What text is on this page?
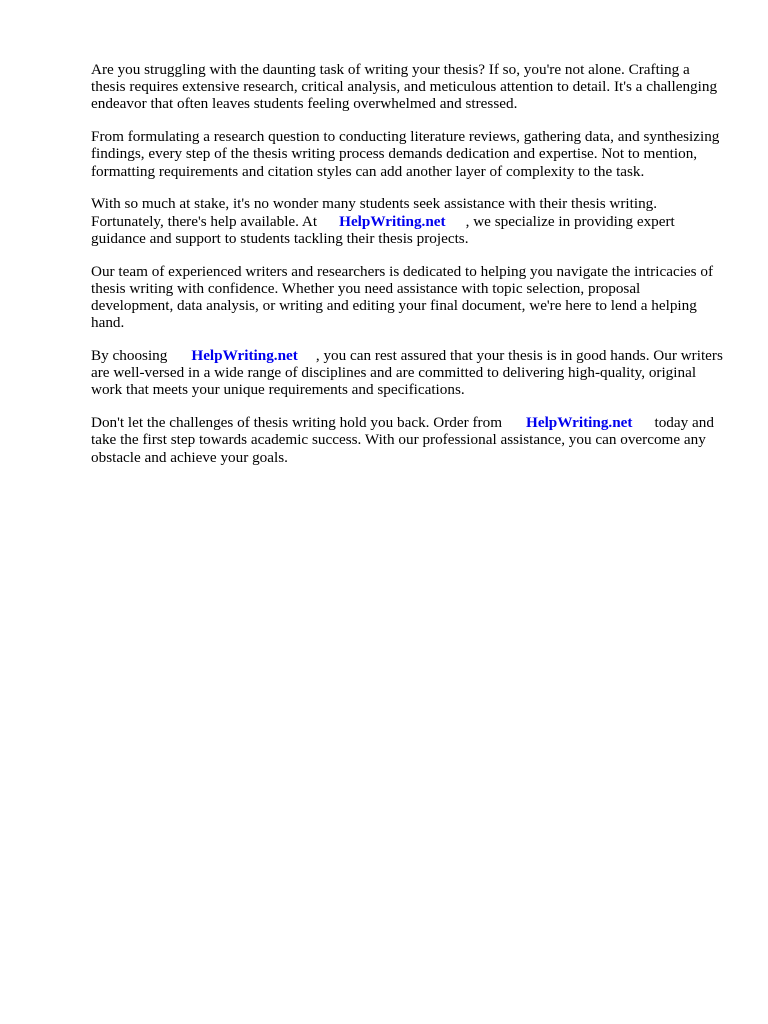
Are you struggling with the daunting task of writing your thesis? If so, you're not alone. Crafting a thesis requires extensive research, critical analysis, and meticulous attention to detail. It's a challenging endeavor that often leaves students feeling overwhelmed and stressed.

From formulating a research question to conducting literature reviews, gathering data, and synthesizing findings, every step of the thesis writing process demands dedication and expertise. Not to mention, formatting requirements and citation styles can add another layer of complexity to the task.

With so much at stake, it's no wonder many students seek assistance with their thesis writing. Fortunately, there's help available. At HelpWriting.net , we specialize in providing expert guidance and support to students tackling their thesis projects.

Our team of experienced writers and researchers is dedicated to helping you navigate the intricacies of thesis writing with confidence. Whether you need assistance with topic selection, proposal development, data analysis, or writing and editing your final document, we're here to lend a helping hand.

By choosing HelpWriting.net , you can rest assured that your thesis is in good hands. Our writers are well-versed in a wide range of disciplines and are committed to delivering high-quality, original work that meets your unique requirements and specifications.

Don't let the challenges of thesis writing hold you back. Order from HelpWriting.net today and take the first step towards academic success. With our professional assistance, you can overcome any obstacle and achieve your goals.
